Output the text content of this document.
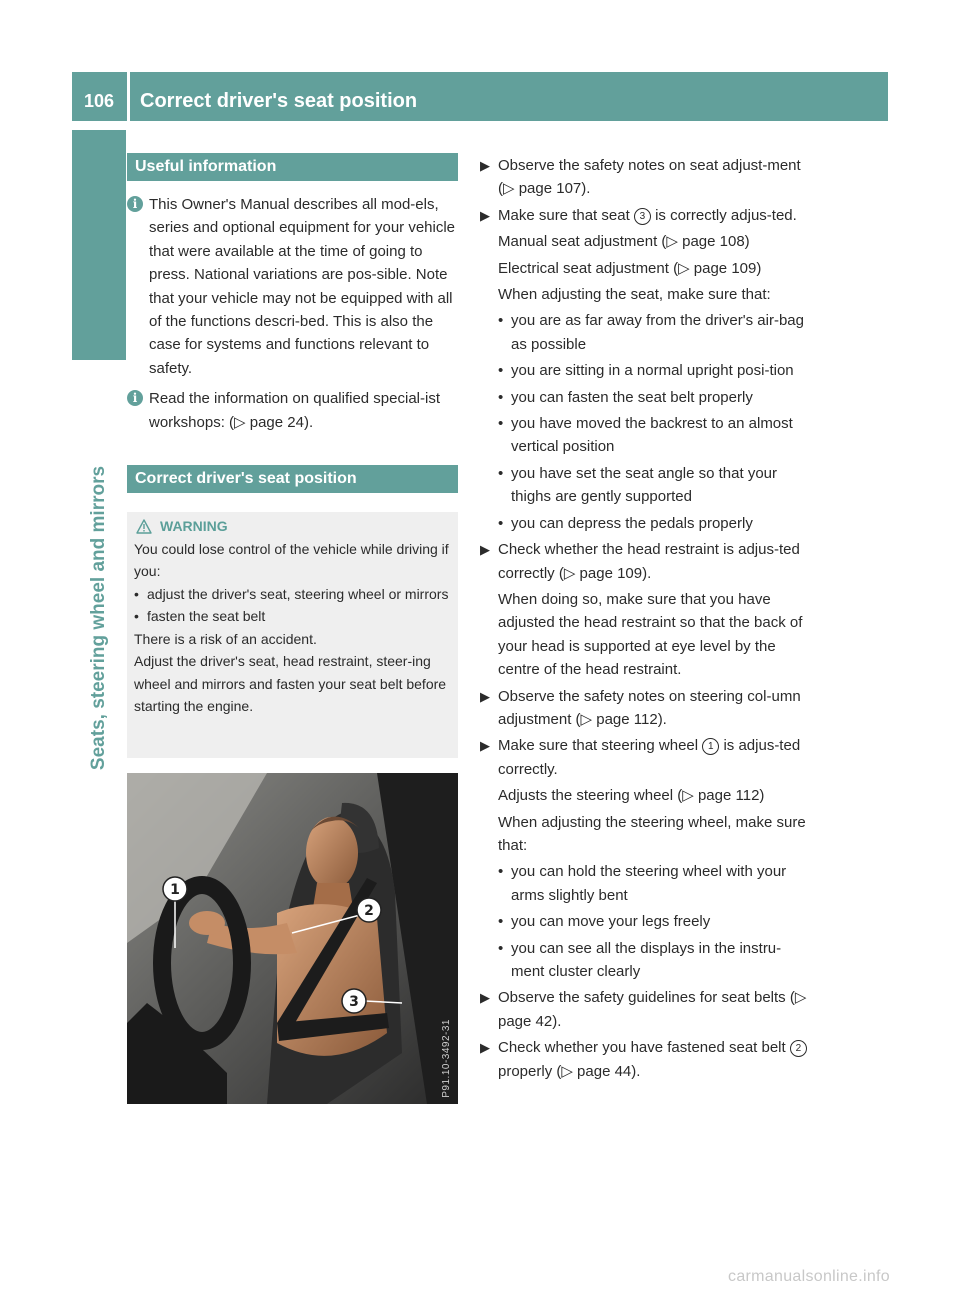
106	Correct driver's seat position
Seats, steering wheel and mirrors
Useful information
i This Owner's Manual describes all mod-els, series and optional equipment for your vehicle that were available at the time of going to press. National variations are pos-sible. Note that your vehicle may not be equipped with all of the functions descri-bed. This is also the case for systems and functions relevant to safety.

i Read the information on qualified special-ist workshops: (▷ page 24).

Correct driver's seat position
WARNING

You could lose control of the vehicle while driving if you:

• adjust the driver's seat, steering wheel or mirrors
• fasten the seat belt

There is a risk of an accident.

Adjust the driver's seat, head restraint, steer-ing wheel and mirrors and fasten your seat belt before starting the engine.

1
2
3
P91.10-3492-31
▶ Observe the safety notes on seat adjust-ment (▷ page 107).
▶ Make sure that seat 3 is correctly adjus-ted.

Manual seat adjustment (▷ page 108)

Electrical seat adjustment (▷ page 109)

When adjusting the seat, make sure that:

• you are as far away from the driver's air-bag as possible
• you are sitting in a normal upright posi-tion
• you can fasten the seat belt properly
• you have moved the backrest to an almost vertical position
• you have set the seat angle so that your thighs are gently supported
• you can depress the pedals properly
▶ Check whether the head restraint is adjus-ted correctly (▷ page 109).

When doing so, make sure that you have adjusted the head restraint so that the back of your head is supported at eye level by the centre of the head restraint.

▶ Observe the safety notes on steering col-umn adjustment (▷ page 112).
▶ Make sure that steering wheel 1 is adjus-ted correctly.

Adjusts the steering wheel (▷ page 112)

When adjusting the steering wheel, make sure that:

• you can hold the steering wheel with your arms slightly bent
• you can move your legs freely
• you can see all the displays in the instru-ment cluster clearly
▶ Observe the safety guidelines for seat belts (▷ page 42).
▶ Check whether you have fastened seat belt 2 properly (▷ page 44).
carmanualsonline.info
